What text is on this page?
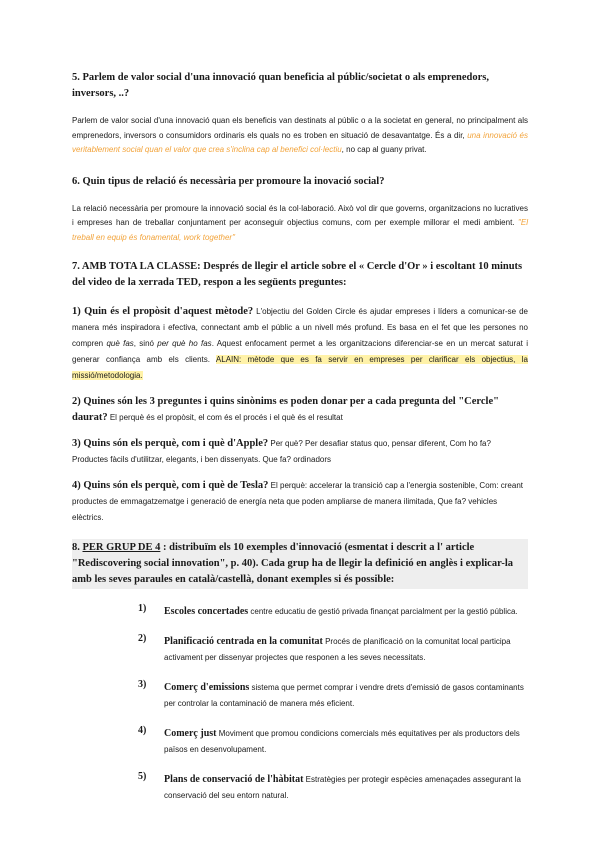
5. Parlem de valor social d'una innovació quan beneficia al públic/societat o als emprenedors, inversors, ..?

Parlem de valor social d'una innovació quan els beneficis van destinats al públic o a la societat en general, no principalment als emprenedors, inversors o consumidors ordinaris els quals no es troben en situació de desavantatge. És a dir, una innovació és veritablement social quan el valor que crea s'inclina cap al benefici col·lectiu, no cap al guany privat.

6. Quin tipus de relació és necessària per promoure la inovació social?

La relació necessària per promoure la innovació social és la col·laboració. Això vol dir que governs, organitzacions no lucratives i empreses han de treballar conjuntament per aconseguir objectius comuns, com per exemple millorar el medi ambient. "El treball en equip és fonamental, work together"

7. AMB TOTA LA CLASSE: Després de llegir el article sobre el « Cercle d'Or » i escoltant 10 minuts del video de la xerrada TED, respon a les següents preguntes:

1) Quin és el propòsit d'aquest mètode? L'objectiu del Golden Circle és ajudar empreses i líders a comunicar-se de manera més inspiradora i efectiva, connectant amb el públic a un nivell més profund. Es basa en el fet que les persones no compren què fas, sinó per què ho fas. Aquest enfocament permet a les organitzacions diferenciar-se en un mercat saturat i generar confiança amb els clients. ALAIN: mètode que es fa servir en empreses per clarificar els objectius, la missió/metodologia.

2) Quines són les 3 preguntes i quins sinònims es poden donar per a cada pregunta del "Cercle" daurat? El perquè és el propòsit, el com és el procés i el què és el resultat

3) Quins són els perquè, com i què d'Apple? Per què? Per desafiar status quo, pensar diferent, Com ho fa? Productes fàcils d'utilitzar, elegants, i ben dissenyats. Que fa? ordinadors

4) Quins són els perquè, com i què de Tesla? El perquè: accelerar la transició cap a l'energia sostenible, Com: creant productes de emmagatzematge i generació de energía neta que poden ampliarse de manera ilimitada, Que fa? vehicles elèctrics.

8. PER GRUP DE 4 : distribuïm els 10 exemples d'innovació (esmentat i descrit a l' article "Rediscovering social innovation", p. 40). Cada grup ha de llegir la definició en anglès i explicar-la amb les seves paraules en català/castellà, donant exemples si és possible:

1) Escoles concertades centre educatiu de gestió privada finançat parcialment per la gestió pública.
2) Planificació centrada en la comunitat Procés de planificació on la comunitat local participa activament per dissenyar projectes que responen a les seves necessitats.
3) Comerç d'emissions sistema que permet comprar i vendre drets d'emissió de gasos contaminants per controlar la contaminació de manera més eficient.
4) Comerç just Moviment que promou condicions comercials més equitatives per als productors dels països en desenvolupament.
5) Plans de conservació de l'hàbitat Estratègies per protegir espècies amenaçades assegurant la conservació del seu entorn natural.
